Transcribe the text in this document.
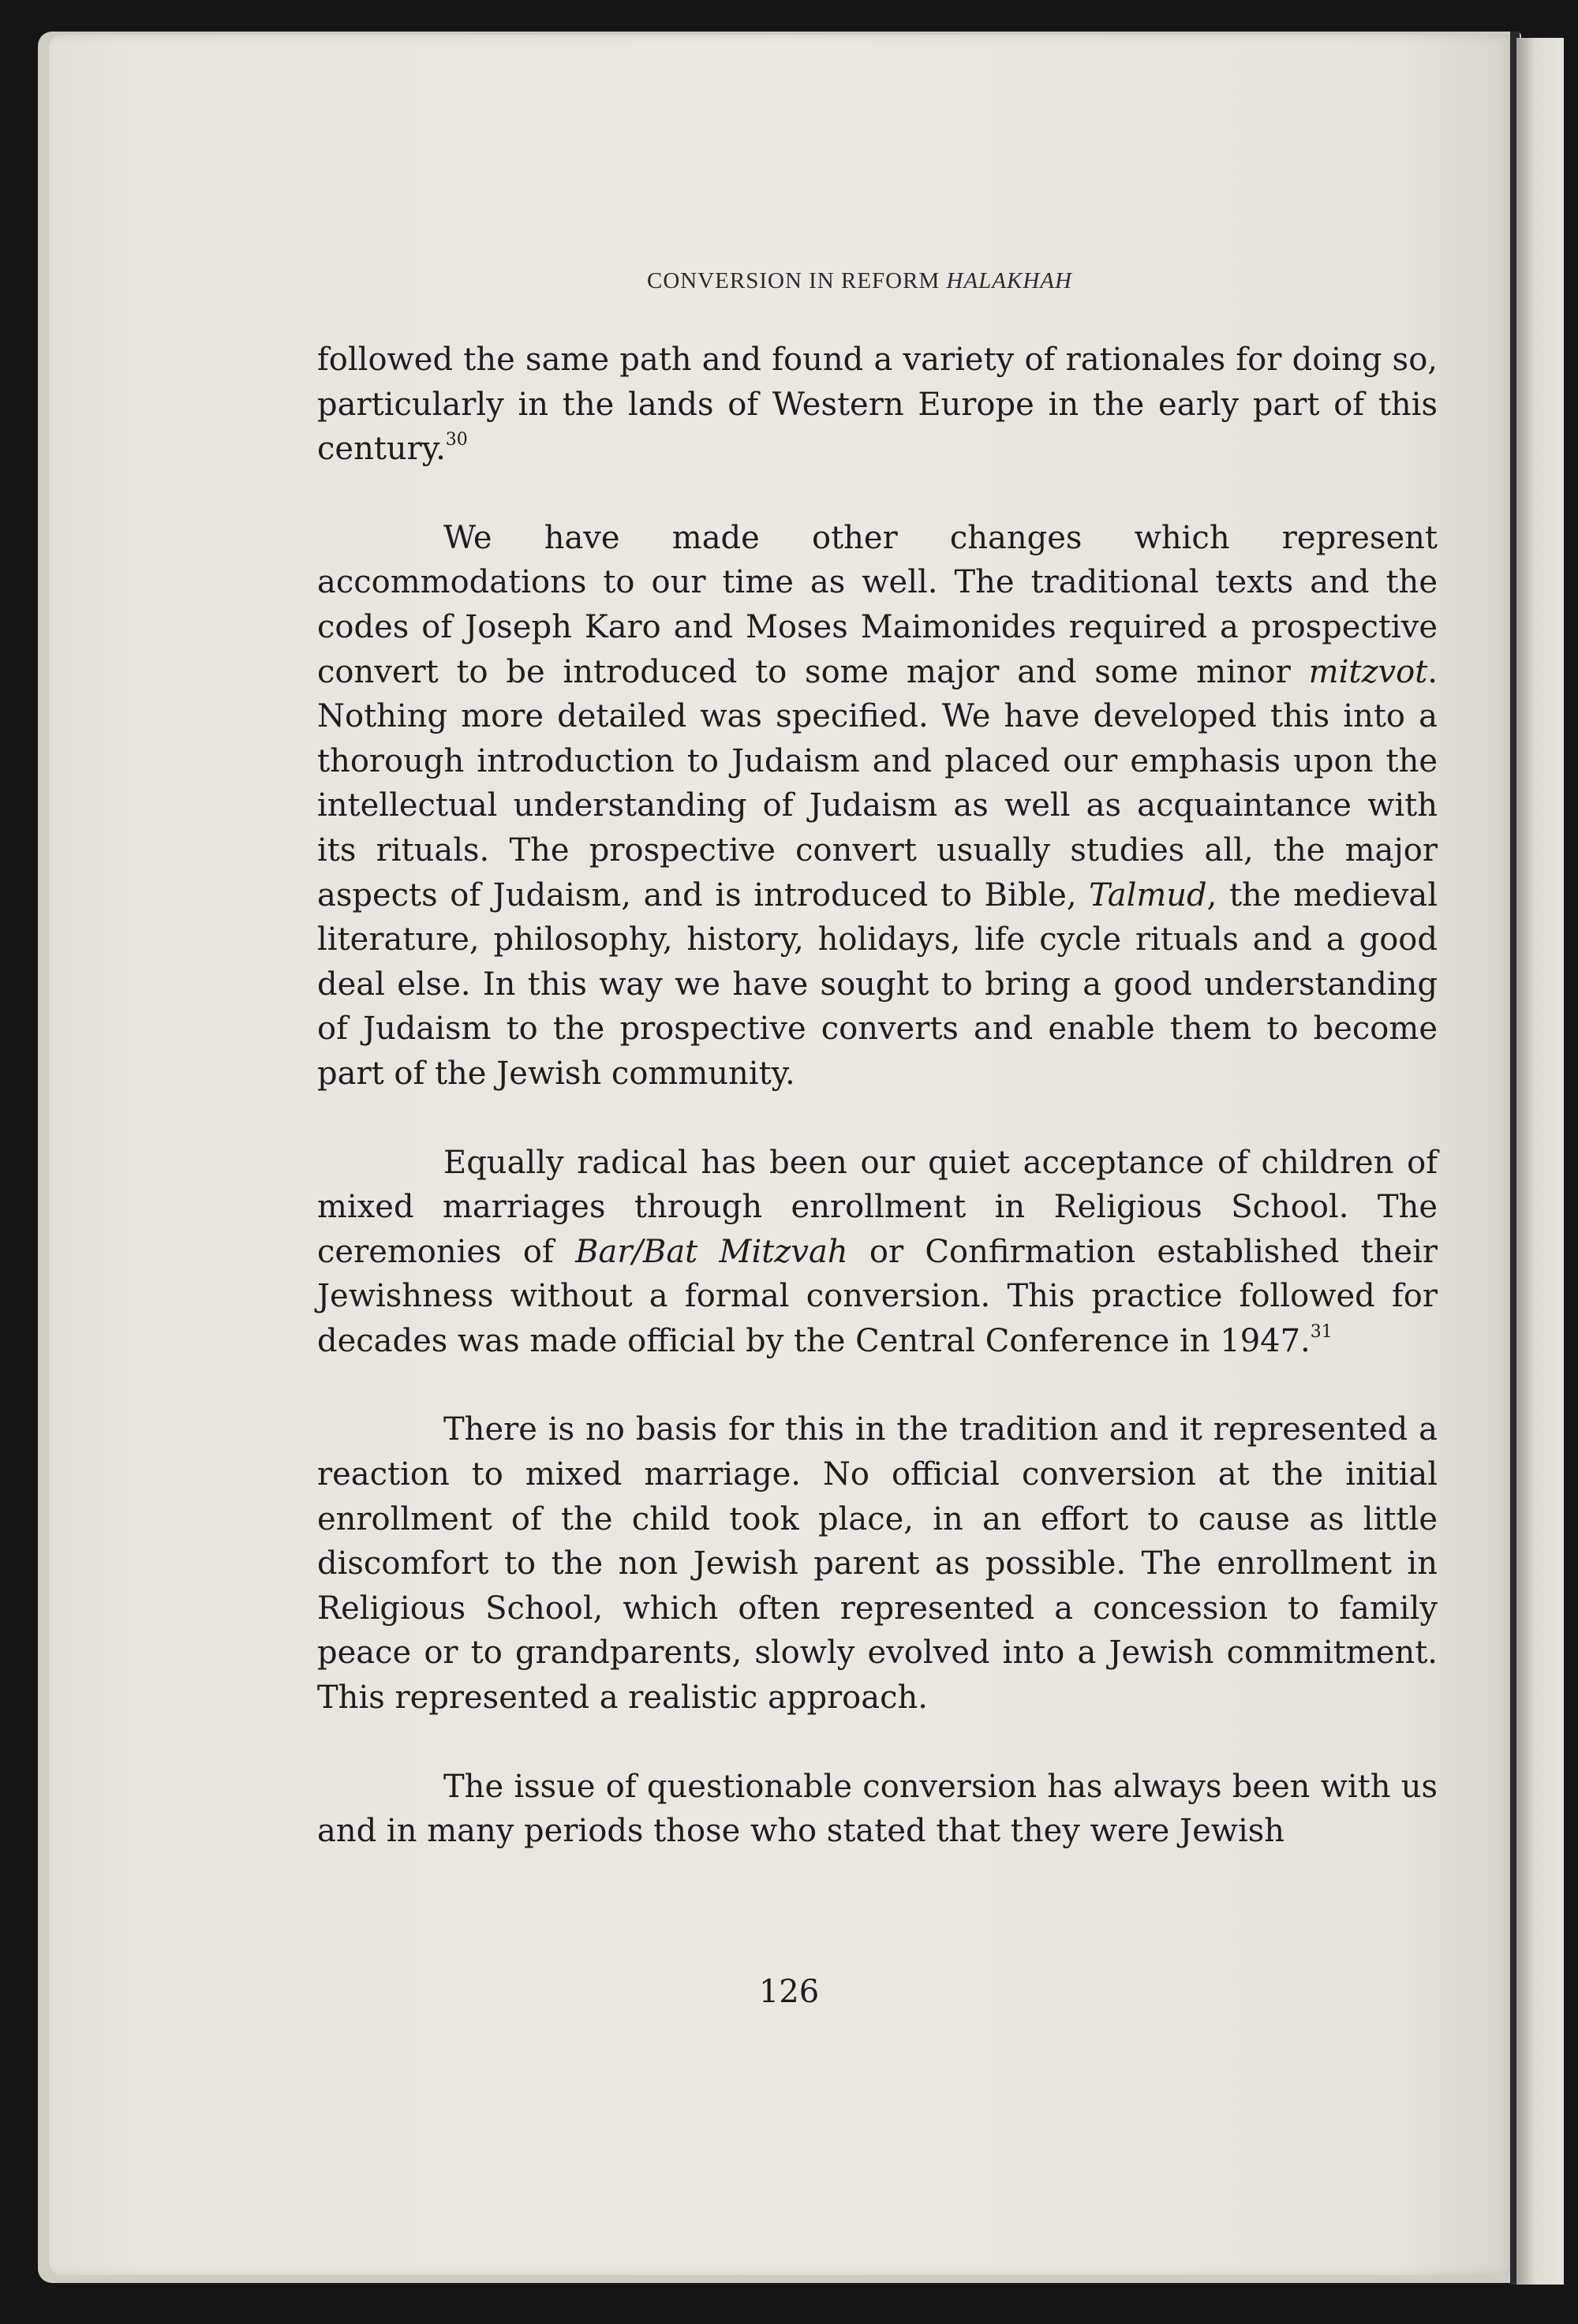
CONVERSION IN REFORM HALAKHAH

followed the same path and found a variety of rationales for doing so, particularly in the lands of Western Europe in the early part of this century.$^{30}$

We have made other changes which represent accommodations to our time as well. The traditional texts and the codes of Joseph Karo and Moses Maimonides required a prospective convert to be introduced to some major and some minor mitzvot. Nothing more detailed was specified. We have developed this into a thorough introduction to Judaism and placed our emphasis upon the intellectual understanding of Judaism as well as acquaintance with its rituals. The prospective convert usually studies all, the major aspects of Judaism, and is introduced to Bible, Talmud, the medieval literature, philosophy, history, holidays, life cycle rituals and a good deal else. In this way we have sought to bring a good understanding of Judaism to the prospective converts and enable them to become part of the Jewish community.

Equally radical has been our quiet acceptance of children of mixed marriages through enrollment in Religious School. The ceremonies of Bar/Bat Mitzvah or Confirmation established their Jewishness without a formal conversion. This practice followed for decades was made official by the Central Conference in 1947.31

There is no basis for this in the tradition and it represented a reaction to mixed marriage. No official conversion at the initial enrollment of the child took place, in an effort to cause as little discomfort to the non Jewish parent as possible. The enrollment in Religious School, which often represented a concession to family peace or to grandparents, slowly evolved into a Jewish commitment. This represented a realistic approach.

The issue of questionable conversion has always been with us and in many periods those who stated that they were Jewish

126
